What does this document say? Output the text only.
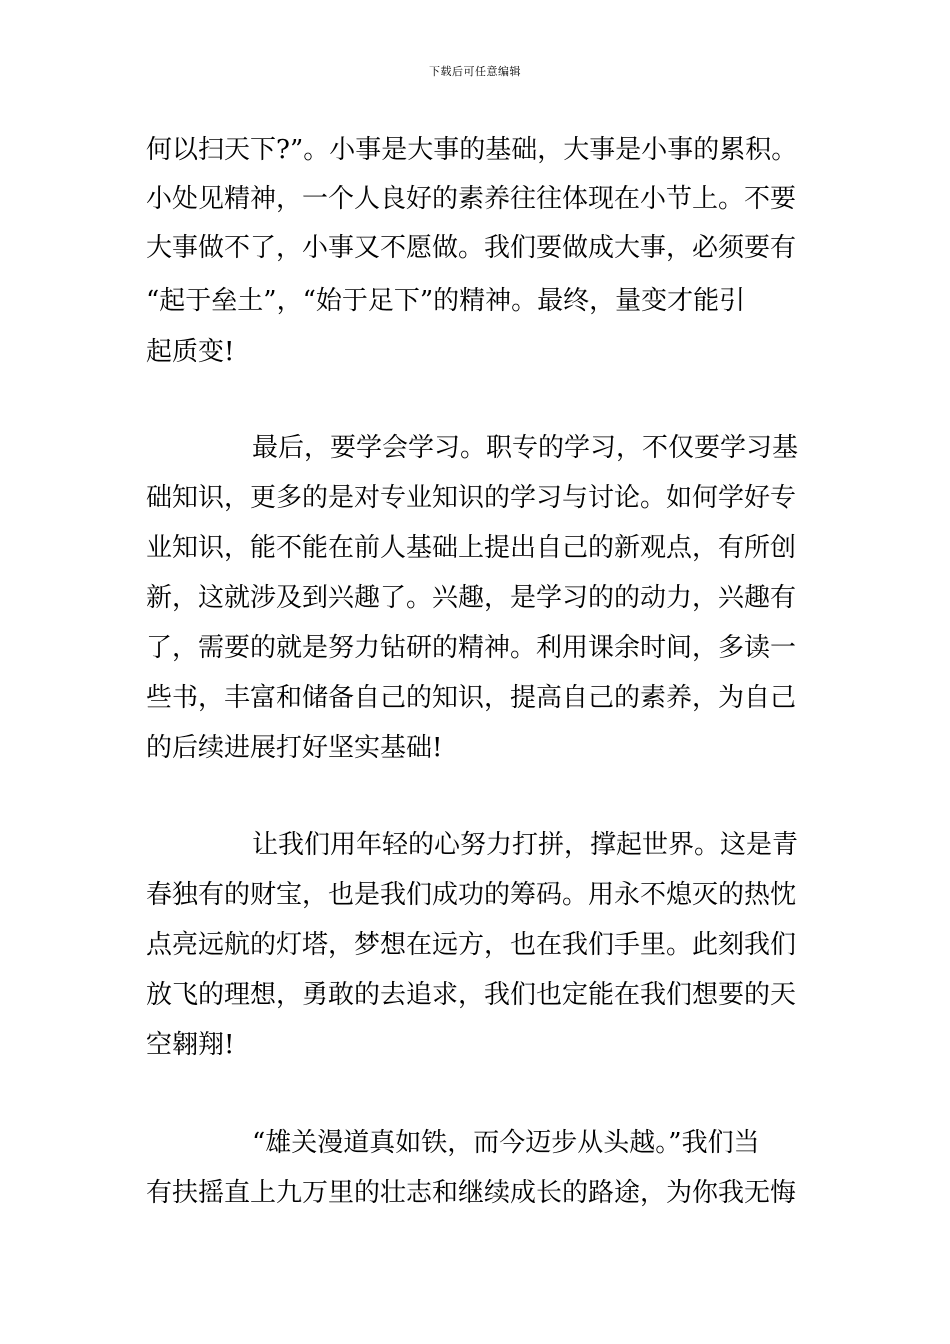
下载后可任意编辑
何以扫天下?”。小事是大事的基础，大事是小事的累积。
小处见精神，一个人良好的素养往往体现在小节上。不要
大事做不了，小事又不愿做。我们要做成大事，必须要有
“起于垒土”，“始于足下”的精神。最终，量变才能引
起质变!
最后，要学会学习。职专的学习，不仅要学习基
础知识，更多的是对专业知识的学习与讨论。如何学好专
业知识，能不能在前人基础上提出自己的新观点，有所创
新，这就涉及到兴趣了。兴趣，是学习的的动力，兴趣有
了，需要的就是努力钻研的精神。利用课余时间，多读一
些书，丰富和储备自己的知识，提高自己的素养，为自己
的后续进展打好坚实基础!
让我们用年轻的心努力打拼，撑起世界。这是青
春独有的财宝，也是我们成功的筹码。用永不熄灭的热忱
点亮远航的灯塔，梦想在远方，也在我们手里。此刻我们
放飞的理想，勇敢的去追求，我们也定能在我们想要的天
空翱翔!
“雄关漫道真如铁，而今迈步从头越。”我们当
有扶摇直上九万里的壮志和继续成长的路途，为你我无悔
